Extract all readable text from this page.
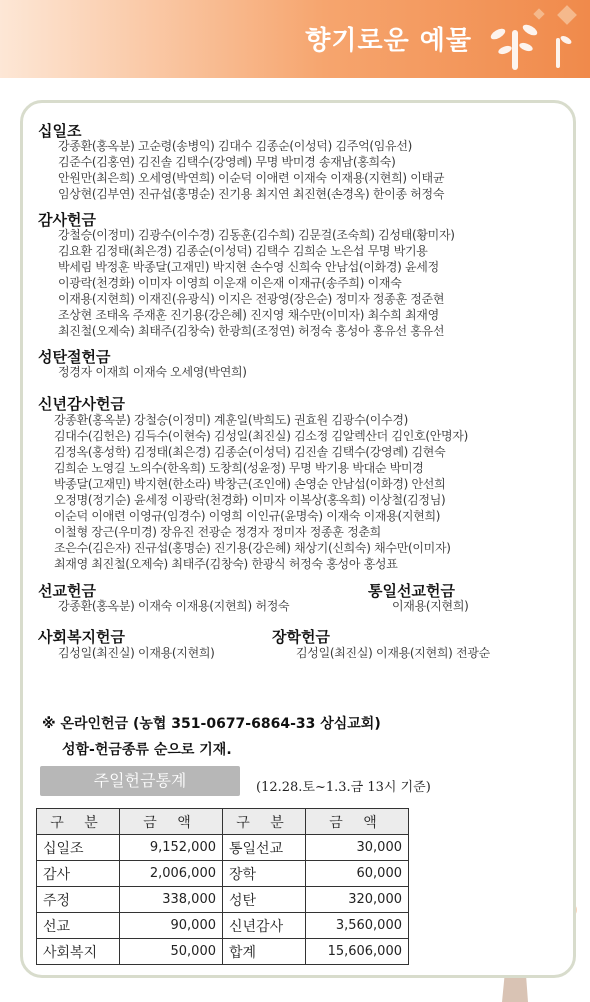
향기로운 예물
십일조
강종환(홍옥분) 고순령(송병익) 김대수 김종순(이성덕) 김주억(임유선)
김준수(김홍연) 김진솔 김택수(강영례) 무명 박미경 송재남(홍희숙)
안원만(최은희) 오세영(박연희) 이순덕 이애련 이재숙 이재용(지현희) 이태균
임상현(김부연) 진규섭(홍명순) 진기용 최지연 최진현(손경옥) 한이종 허정숙
감사헌금
강철승(이정미) 김광수(이수경) 김동훈(김수희) 김문걸(조숙희) 김성태(황미자)
김요환 김정태(최은경) 김종순(이성덕) 김택수 김희순 노은섭 무명 박기용
박세림 박정훈 박종달(고재민) 박지현 손수영 신희숙 안남섭(이화경) 윤세정
이광락(천경화) 이미자 이영희 이운재 이은재 이재규(송주희) 이재숙
이재용(지현희) 이재진(유광식) 이지은 전광영(장은순) 정미자 정종훈 정준현
조상현 조태옥 주재훈 진기용(강은혜) 진지영 채수만(이미자) 최수희 최재영
최진철(오제숙) 최태주(김창숙) 한광희(조정연) 허정숙 홍성아 홍유선 홍유선
성탄절헌금
정경자 이재희 이재숙 오세영(박연희)
신년감사헌금
강종환(홍옥분) 강철승(이정미) 계훈일(박희도) 권효원 김광수(이수경)
김대수(김헌은) 김득수(이현숙) 김성일(최진실) 김소정 김알렉산더 김인호(안명자)
김정옥(홍성학) 김정태(최은경) 김종순(이성덕) 김진솔 김택수(강영례) 김현숙
김희순 노영길 노의수(한옥희) 도창희(성윤정) 무명 박기용 박대순 박미경
박종달(고재민) 박지현(한소라) 박창근(조인애) 손영순 안남섭(이화경) 안선희
오정명(정기순) 윤세정 이광락(천경화) 이미자 이복상(홍옥희) 이상철(김정님)
이순덕 이애련 이영규(임경수) 이영희 이인규(윤명숙) 이재숙 이재용(지현희)
이철형 장근(우미경) 장유진 전광순 정경자 정미자 정종훈 정춘희
조은수(김은자) 진규섭(홍명순) 진기용(강은혜) 채상기(신희숙) 채수만(이미자)
최재영 최진철(오제숙) 최태주(김창숙) 한광식 허정숙 홍성아 홍성표
선교헌금
강종환(홍옥분) 이재숙 이재용(지현희) 허정숙
통일선교헌금
이재용(지현희)
사회복지헌금
김성일(최진실) 이재용(지현희)
장학헌금
김성일(최진실) 이재용(지현희) 전광순
※ 온라인헌금 (농협 351-0677-6864-33 상심교회)
성함-헌금종류 순으로 기재.
주일헌금통계	(12.28.토~1.3.금 13시 기준)
구 분	금 액	구 분	금 액
십일조	9,152,000	통일선교	30,000
감사	2,006,000	장학	60,000
주정	338,000	성탄	320,000
선교	90,000	신년감사	3,560,000
사회복지	50,000	합계	15,606,000
